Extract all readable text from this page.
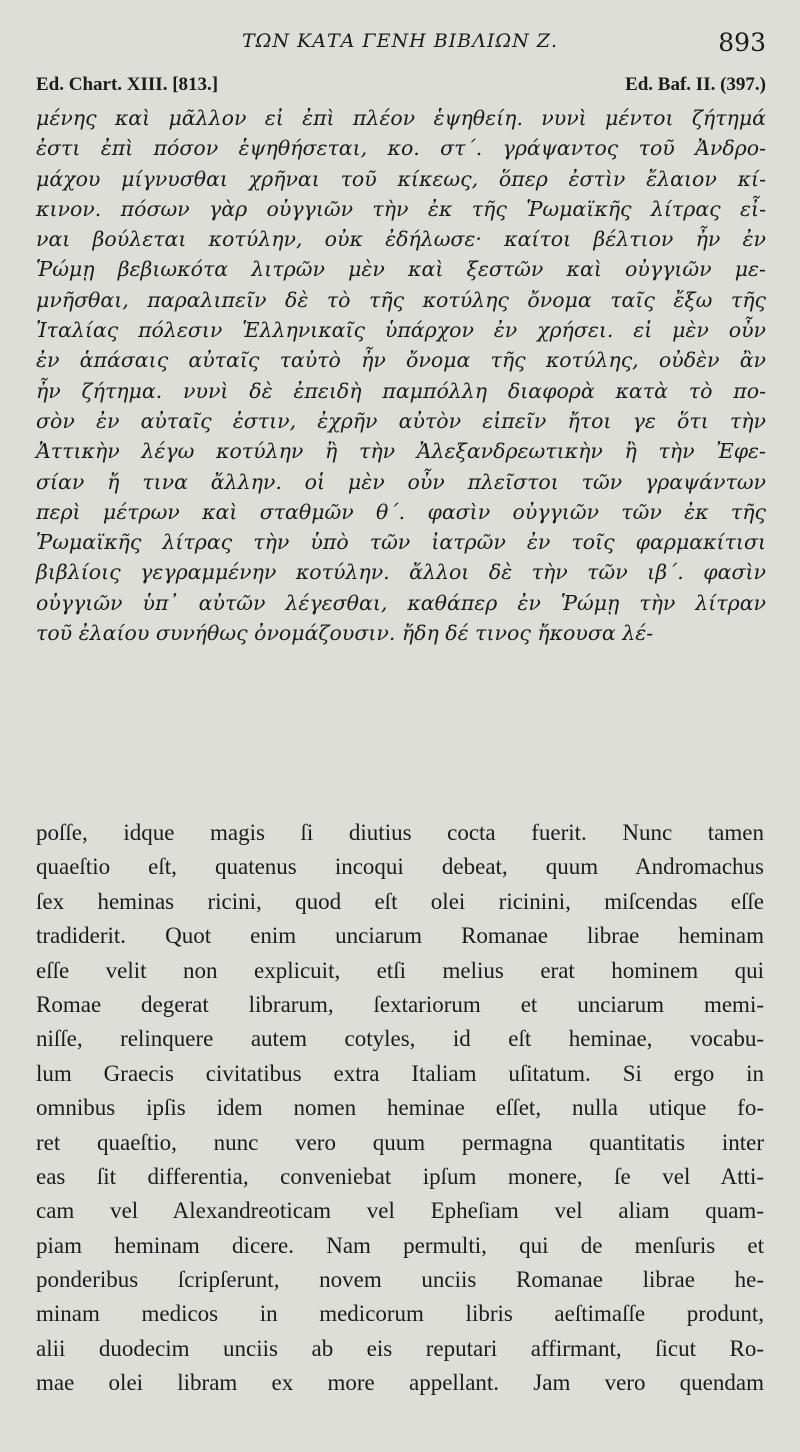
ΤΩΝ ΚΑΤΑ ΓΕΝΗ ΒΙΒΛΙΩΝ Ζ.	893
Ed. Chart. XIII. [813.]	Ed. Baf. II. (397.)
μένης καὶ μᾶλλον εἰ ἐπὶ πλέον ἑψηθείη. νυνὶ μέντοι ζήτημά
ἐστι ἐπὶ πόσον ἑψηθήσεται, κο. στ΄. γράψαντος τοῦ Ἀνδρο-
μάχου μίγνυσθαι χρῆναι τοῦ κίκεως, ὅπερ ἐστὶν ἔλαιον κί-
κινον. πόσων γὰρ οὐγγιῶν τὴν ἐκ τῆς Ῥωμαϊκῆς λίτρας εἶ-
ναι βούλεται κοτύλην, οὐκ ἐδήλωσε· καίτοι βέλτιον ἦν ἐν
Ῥώμῃ βεβιωκότα λιτρῶν μὲν καὶ ξεστῶν καὶ οὐγγιῶν με-
μνῆσθαι, παραλιπεῖν δὲ τὸ τῆς κοτύλης ὄνομα ταῖς ἔξω τῆς
Ἰταλίας πόλεσιν Ἑλληνικαῖς ὑπάρχον ἐν χρήσει. εἰ μὲν οὖν
ἐν ἁπάσαις αὐταῖς ταὐτὸ ἦν ὄνομα τῆς κοτύλης, οὐδὲν ἂν
ἦν ζήτημα. νυνὶ δὲ ἐπειδὴ παμπόλλη διαφορὰ κατὰ τὸ πο-
σὸν ἐν αὐταῖς ἐστιν, ἐχρῆν αὐτὸν εἰπεῖν ἤτοι γε ὅτι τὴν
Ἀττικὴν λέγω κοτύλην ἢ τὴν Ἀλεξανδρεωτικὴν ἢ τὴν Ἐφε-
σίαν ἤ τινα ἄλλην. οἱ μὲν οὖν πλεῖστοι τῶν γραψάντων
περὶ μέτρων καὶ σταθμῶν θ΄. φασὶν οὐγγιῶν τῶν ἐκ τῆς
Ῥωμαϊκῆς λίτρας τὴν ὑπὸ τῶν ἰατρῶν ἐν τοῖς φαρμακίτισι
βιβλίοις γεγραμμένην κοτύλην. ἄλλοι δὲ τὴν τῶν ιβ΄. φασὶν
οὐγγιῶν ὑπ᾽ αὐτῶν λέγεσθαι, καθάπερ ἐν Ῥώμῃ τὴν λίτραν
τοῦ ἐλαίου συνήθως ὀνομάζουσιν. ἤδη δέ τινος ἤκουσα λέ-
poſſe, idque magis ſi diutius cocta fuerit. Nunc tamen
quaeſtio eſt, quatenus incoqui debeat, quum Andromachus
ſex heminas ricini, quod eſt olei ricinini, miſcendas eſſe
tradiderit. Quot enim unciarum Romanae librae heminam
eſſe velit non explicuit, etſi melius erat hominem qui
Romae degerat librarum, ſextariorum et unciarum memi-
niſſe, relinquere autem cotyles, id eſt heminae, vocabu-
lum Graecis civitatibus extra Italiam uſitatum. Si ergo in
omnibus ipſis idem nomen heminae eſſet, nulla utique fo-
ret quaeſtio, nunc vero quum permagna quantitatis inter
eas ſit differentia, conveniebat ipſum monere, ſe vel Atti-
cam vel Alexandreoticam vel Epheſiam vel aliam quam-
piam heminam dicere. Nam permulti, qui de menſuris et
ponderibus ſcripſerunt, novem unciis Romanae librae he-
minam medicos in medicorum libris aeſtimaſſe produnt,
alii duodecim unciis ab eis reputari affirmant, ſicut Ro-
mae olei libram ex more appellant. Jam vero quendam
